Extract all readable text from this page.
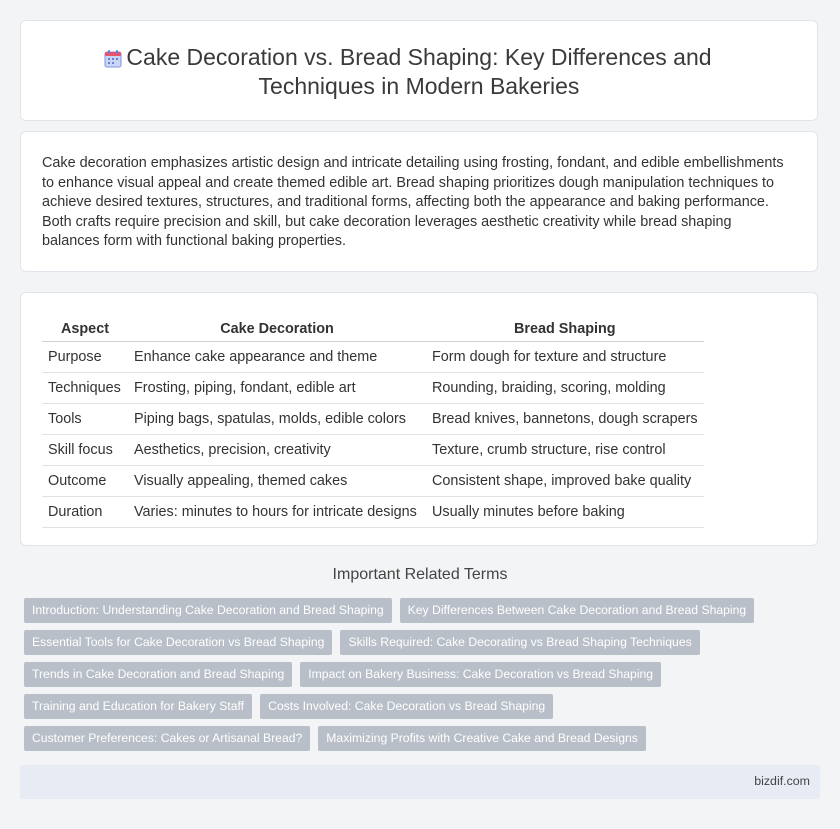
Cake Decoration vs. Bread Shaping: Key Differences and
Techniques in Modern Bakeries

Cake decoration emphasizes artistic design and intricate detailing using frosting, fondant, and edible embellishments to enhance visual appeal and create themed edible art. Bread shaping prioritizes dough manipulation techniques to achieve desired textures, structures, and traditional forms, affecting both the appearance and baking performance. Both crafts require precision and skill, but cake decoration leverages aesthetic creativity while bread shaping balances form with functional baking properties.

Aspect	Cake Decoration	Bread Shaping
Purpose	Enhance cake appearance and theme	Form dough for texture and structure
Techniques	Frosting, piping, fondant, edible art	Rounding, braiding, scoring, molding
Tools	Piping bags, spatulas, molds, edible colors	Bread knives, bannetons, dough scrapers
Skill focus	Aesthetics, precision, creativity	Texture, crumb structure, rise control
Outcome	Visually appealing, themed cakes	Consistent shape, improved bake quality
Duration	Varies: minutes to hours for intricate designs	Usually minutes before baking
Important Related Terms
Introduction: Understanding Cake Decoration and Bread Shaping Key Differences Between Cake Decoration and Bread Shaping
Essential Tools for Cake Decoration vs Bread Shaping Skills Required: Cake Decorating vs Bread Shaping Techniques
Trends in Cake Decoration and Bread Shaping Impact on Bakery Business: Cake Decoration vs Bread Shaping
Training and Education for Bakery Staff Costs Involved: Cake Decoration vs Bread Shaping
Customer Preferences: Cakes or Artisanal Bread? Maximizing Profits with Creative Cake and Bread Designs
bizdif.com
